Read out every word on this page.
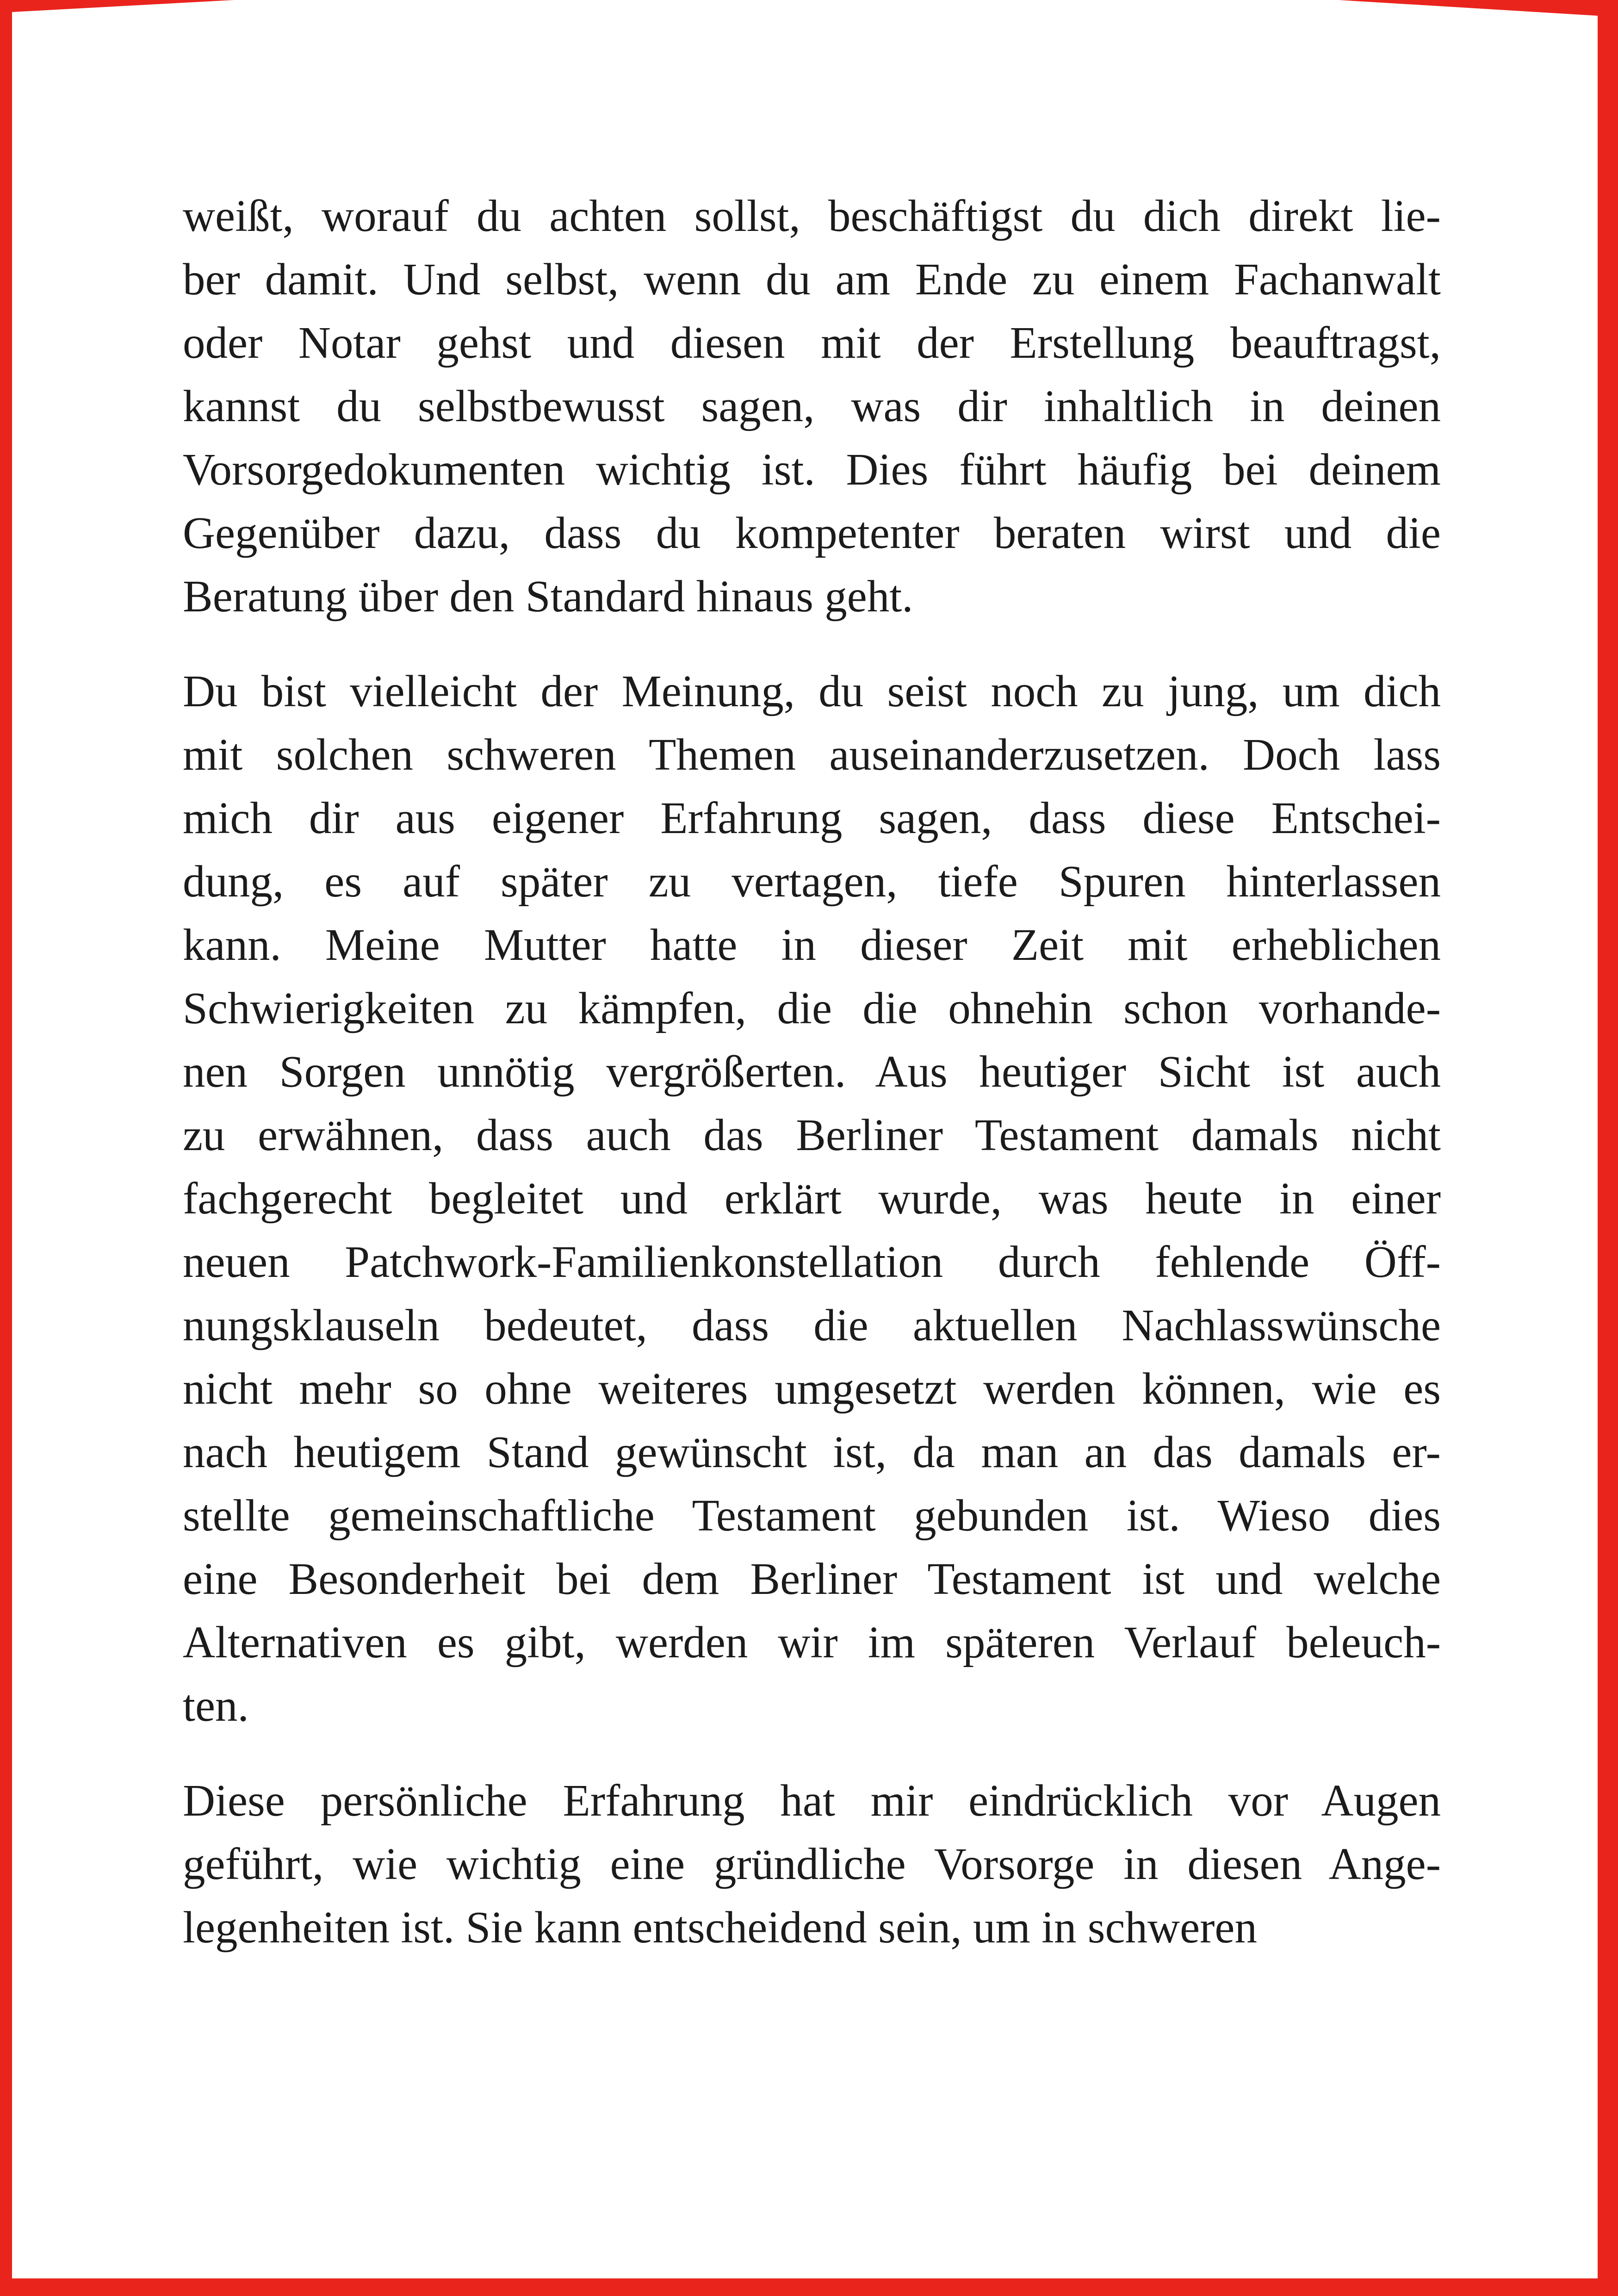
weißt, worauf du achten sollst, beschäftigst du dich direkt lie-
ber damit. Und selbst, wenn du am Ende zu einem Fachanwalt
oder Notar gehst und diesen mit der Erstellung beauftragst,
kannst du selbstbewusst sagen, was dir inhaltlich in deinen
Vorsorgedokumenten wichtig ist. Dies führt häufig bei deinem
Gegenüber dazu, dass du kompetenter beraten wirst und die
Beratung über den Standard hinaus geht.
Du bist vielleicht der Meinung, du seist noch zu jung, um dich
mit solchen schweren Themen auseinanderzusetzen. Doch lass
mich dir aus eigener Erfahrung sagen, dass diese Entschei-
dung, es auf später zu vertagen, tiefe Spuren hinterlassen
kann. Meine Mutter hatte in dieser Zeit mit erheblichen
Schwierigkeiten zu kämpfen, die die ohnehin schon vorhande-
nen Sorgen unnötig vergrößerten. Aus heutiger Sicht ist auch
zu erwähnen, dass auch das Berliner Testament damals nicht
fachgerecht begleitet und erklärt wurde, was heute in einer
neuen Patchwork-Familienkonstellation durch fehlende Öff-
nungsklauseln bedeutet, dass die aktuellen Nachlasswünsche
nicht mehr so ohne weiteres umgesetzt werden können, wie es
nach heutigem Stand gewünscht ist, da man an das damals er-
stellte gemeinschaftliche Testament gebunden ist. Wieso dies
eine Besonderheit bei dem Berliner Testament ist und welche
Alternativen es gibt, werden wir im späteren Verlauf beleuch-
ten.
Diese persönliche Erfahrung hat mir eindrücklich vor Augen
geführt, wie wichtig eine gründliche Vorsorge in diesen Ange-
legenheiten ist. Sie kann entscheidend sein, um in schweren
